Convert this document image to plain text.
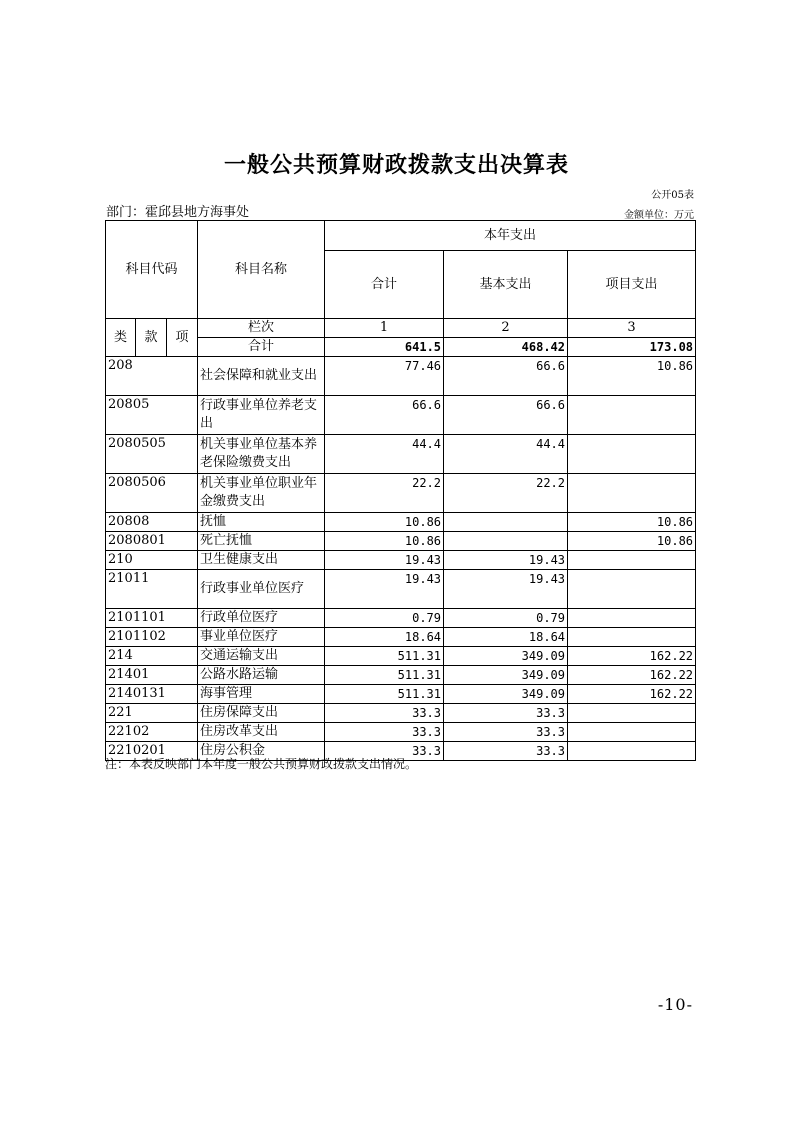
一般公共预算财政拨款支出决算表
公开05表
部门：霍邱县地方海事处	金额单位：万元
科目代码			科目名称	本年支出		
				合计	基本支出	项目支出
类	款	项	栏次	1	2	3
			合计	641.5	468.42	173.08
208			社会保障和就业支出	77.46	66.6	10.86
20805			行政事业单位养老支出	66.6	66.6	
2080505			机关事业单位基本养老保险缴费支出	44.4	44.4	
2080506			机关事业单位职业年金缴费支出	22.2	22.2	
20808			抚恤	10.86		10.86
2080801			死亡抚恤	10.86		10.86
210			卫生健康支出	19.43	19.43	
21011			行政事业单位医疗	19.43	19.43	
2101101			行政单位医疗	0.79	0.79	
2101102			事业单位医疗	18.64	18.64	
214			交通运输支出	511.31	349.09	162.22
21401			公路水路运输	511.31	349.09	162.22
2140131			海事管理	511.31	349.09	162.22
221			住房保障支出	33.3	33.3	
22102			住房改革支出	33.3	33.3	
2210201			住房公积金	33.3	33.3	
注：本表反映部门本年度一般公共预算财政拨款支出情况。
-10-
